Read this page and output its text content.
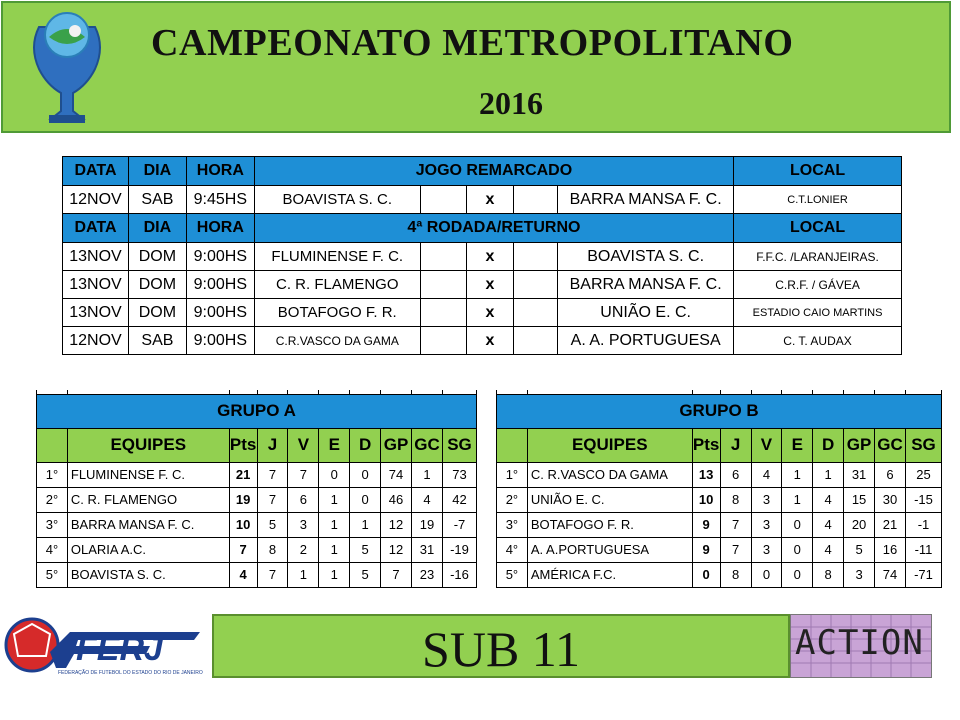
CAMPEONATO METROPOLITANO
2016
DATA	DIA	HORA	JOGO REMARCADO					LOCAL
12NOV	SAB	9:45HS	BOAVISTA S. C.		x		BARRA MANSA F. C.	C.T.LONIER
DATA	DIA	HORA	4ª RODADA/RETURNO					LOCAL
13NOV	DOM	9:00HS	FLUMINENSE F. C.		x		BOAVISTA S. C.	F.F.C. /LARANJEIRAS.
13NOV	DOM	9:00HS	C. R. FLAMENGO		x		BARRA MANSA F. C.	C.R.F. / GÁVEA
13NOV	DOM	9:00HS	BOTAFOGO F. R.		x		UNIÃO E. C.	ESTADIO CAIO MARTINS
12NOV	SAB	9:00HS	C.R.VASCO DA GAMA		x		A. A. PORTUGUESA	C. T. AUDAX

GRUPO A									
	EQUIPES	Pts	J	V	E	D	GP	GC	SG
1°	FLUMINENSE F. C.	21	7	7	0	0	74	1	73
2°	C. R. FLAMENGO	19	7	6	1	0	46	4	42
3°	BARRA MANSA F. C.	10	5	3	1	1	12	19	-7
4°	OLARIA A.C.	7	8	2	1	5	12	31	-19
5°	BOAVISTA S. C.	4	7	1	1	5	7	23	-16

GRUPO B									
	EQUIPES	Pts	J	V	E	D	GP	GC	SG
1°	C. R.VASCO DA GAMA	13	6	4	1	1	31	6	25
2°	UNIÃO E. C.	10	8	3	1	4	15	30	-15
3°	BOTAFOGO F. R.	9	7	3	0	4	20	21	-1
4°	A. A.PORTUGUESA	9	7	3	0	4	5	16	-11
5°	AMÉRICA F.C.	0	8	0	0	8	3	74	-71
FERJ
FEDERAÇÃO DE FUTEBOL DO ESTADO DO RIO DE JANEIRO	SUB 11	ACTION
